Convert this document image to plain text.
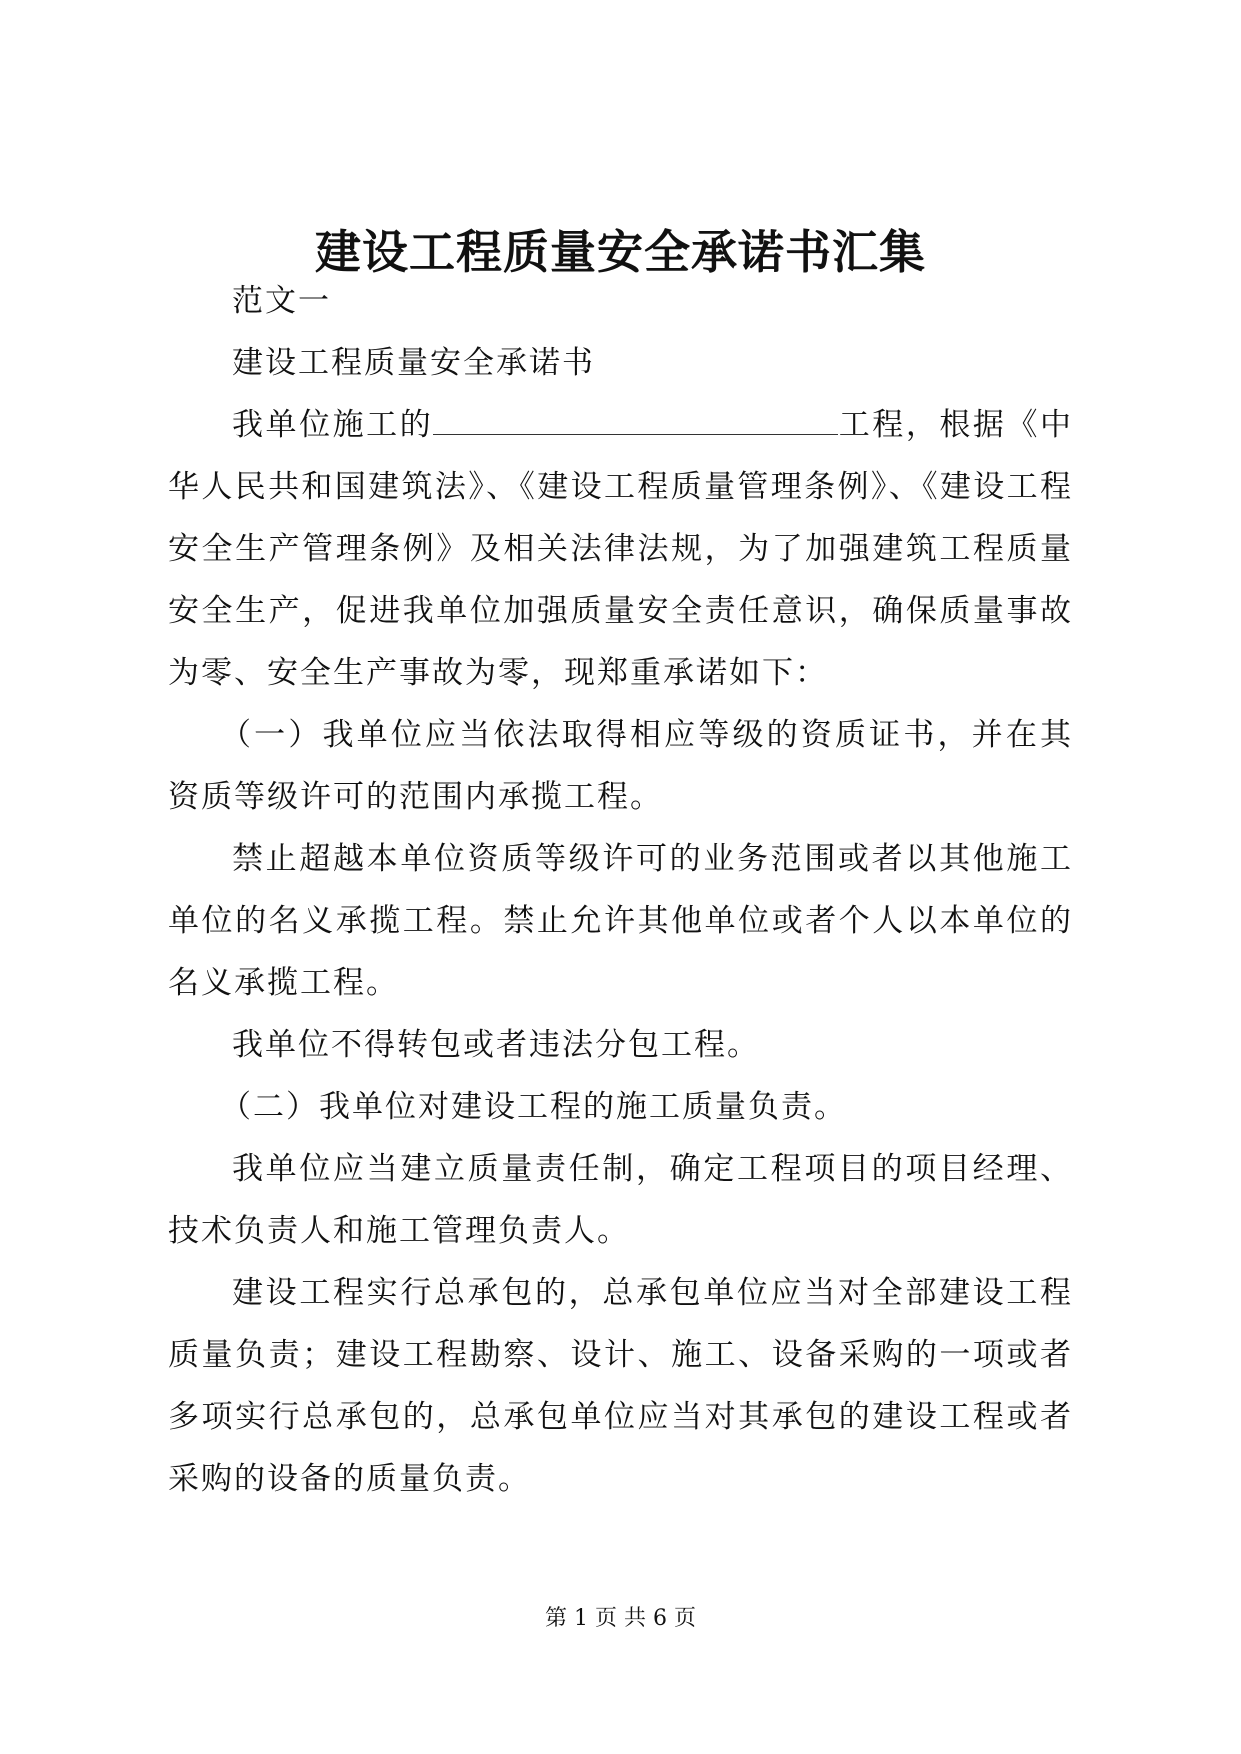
建设工程质量安全承诺书汇集

范文一

建设工程质量安全承诺书

我单位施工的	工程，根据《中华人民共和国建筑法》、《建设工程质量管理条例》、《建设工程安全生产管理条例》及相关法律法规，为了加强建筑工程质量安全生产，促进我单位加强质量安全责任意识，确保质量事故为零、安全生产事故为零，现郑重承诺如下：

（一）我单位应当依法取得相应等级的资质证书，并在其资质等级许可的范围内承揽工程。

禁止超越本单位资质等级许可的业务范围或者以其他施工单位的名义承揽工程。禁止允许其他单位或者个人以本单位的名义承揽工程。

我单位不得转包或者违法分包工程。

（二）我单位对建设工程的施工质量负责。

我单位应当建立质量责任制，确定工程项目的项目经理、技术负责人和施工管理负责人。

建设工程实行总承包的，总承包单位应当对全部建设工程质量负责；建设工程勘察、设计、施工、设备采购的一项或者多项实行总承包的，总承包单位应当对其承包的建设工程或者采购的设备的质量负责。

第 1 页 共 6 页
